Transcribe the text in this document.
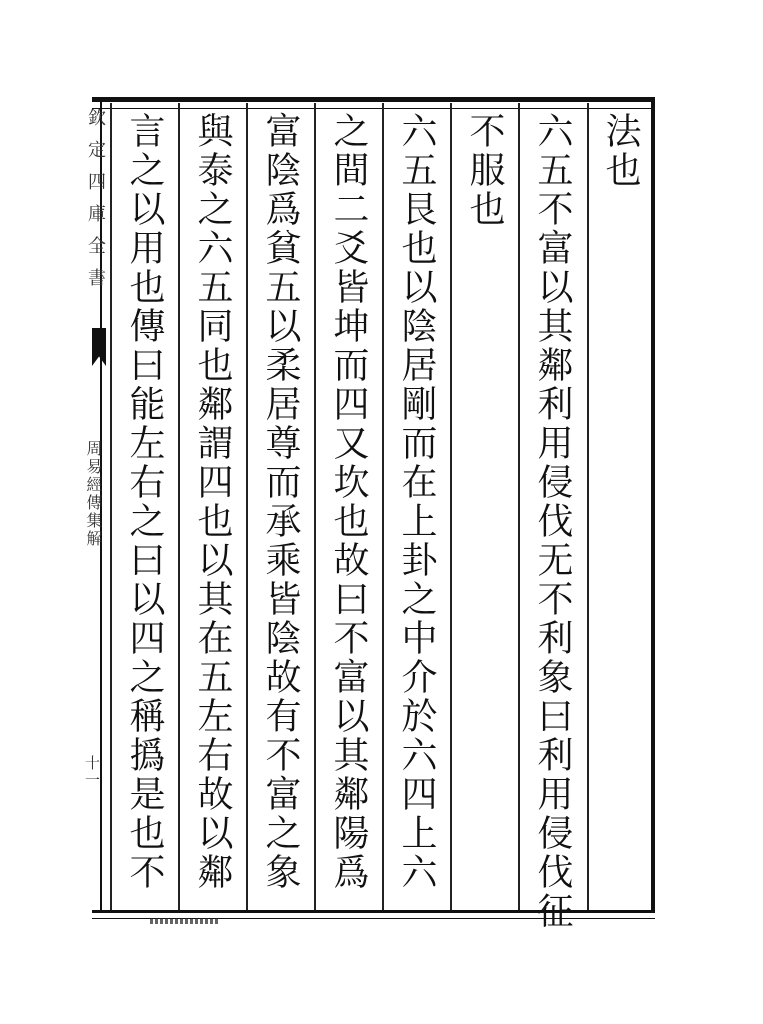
法也
六五不富以其鄰利用侵伐无不利象曰利用侵伐征
不服也
六五艮也以陰居剛而在上卦之中介於六四上六
之間二爻皆坤而四又坎也故曰不富以其鄰陽爲
富陰爲貧五以柔居尊而承乘皆陰故有不富之象
與泰之六五同也鄰謂四也以其在五左右故以鄰
言之以用也傳曰能左右之曰以四之稱撝是也不
欽定四庫全書
周易經傳集解
十一
